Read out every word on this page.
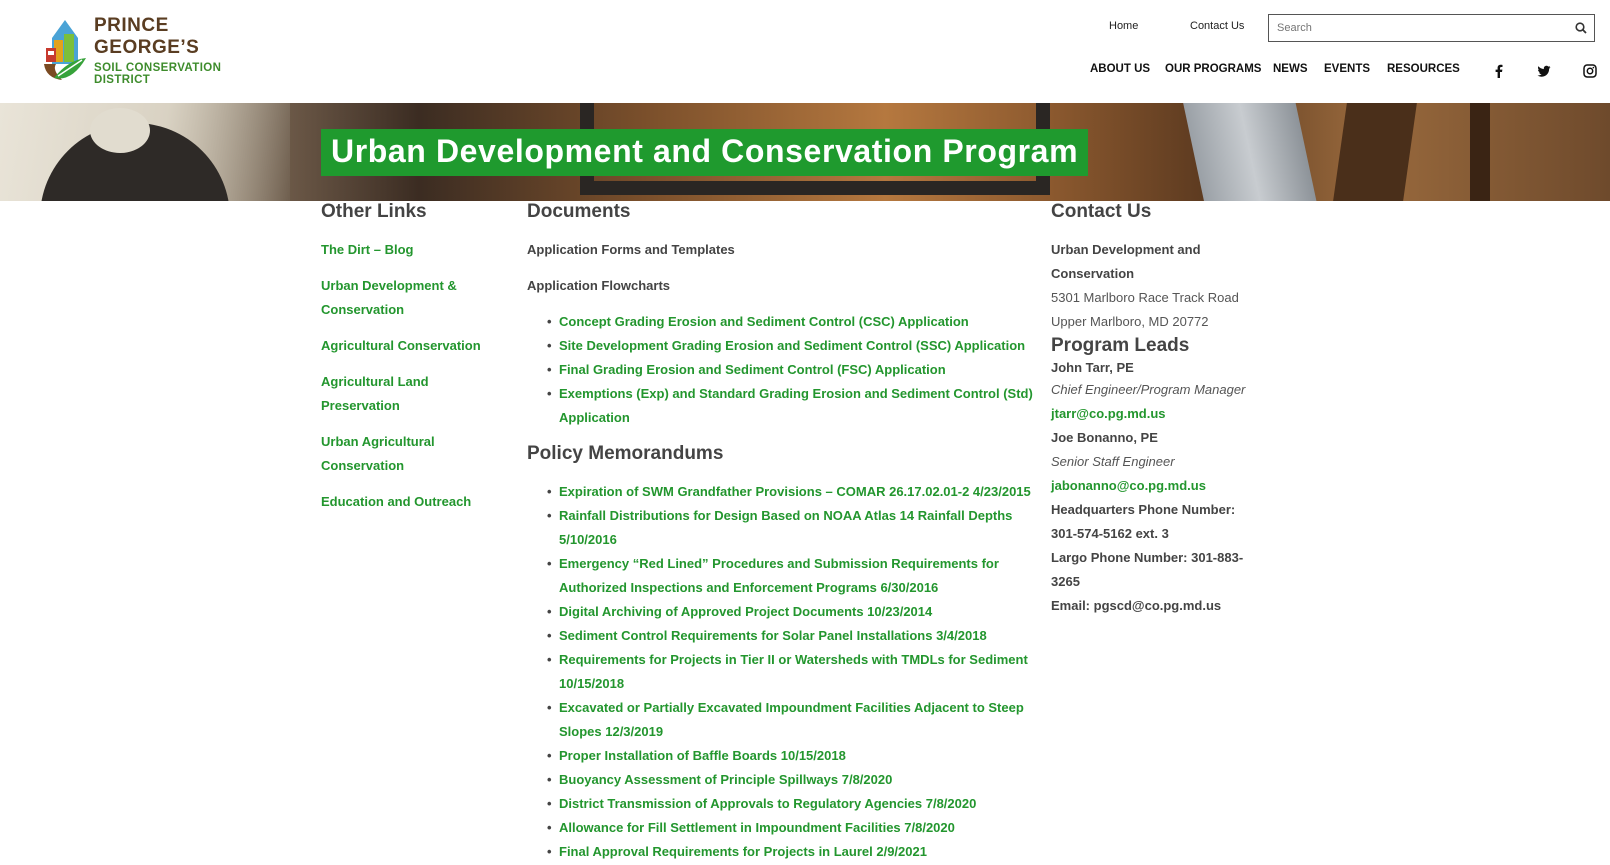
PRINCE GEORGE’S
SOIL CONSERVATION DISTRICT
Home	Contact Us
Search
ABOUT US OUR PROGRAMS NEWS EVENTS RESOURCES
Urban Development and Conservation Program
Other Links
The Dirt – Blog
Urban Development & Conservation
Agricultural Conservation
Agricultural Land Preservation
Urban Agricultural Conservation
Education and Outreach
Documents
Application Forms and Templates
Application Flowcharts
• Concept Grading Erosion and Sediment Control (CSC) Application
• Site Development Grading Erosion and Sediment Control (SSC) Application
• Final Grading Erosion and Sediment Control (FSC) Application
• Exemptions (Exp) and Standard Grading Erosion and Sediment Control (Std) Application
Policy Memorandums
• Expiration of SWM Grandfather Provisions – COMAR 26.17.02.01-2 4/23/2015
• Rainfall Distributions for Design Based on NOAA Atlas 14 Rainfall Depths 5/10/2016
• Emergency “Red Lined” Procedures and Submission Requirements for Authorized Inspections and Enforcement Programs 6/30/2016
• Digital Archiving of Approved Project Documents 10/23/2014
• Sediment Control Requirements for Solar Panel Installations 3/4/2018
• Requirements for Projects in Tier II or Watersheds with TMDLs for Sediment 10/15/2018
• Excavated or Partially Excavated Impoundment Facilities Adjacent to Steep Slopes 12/3/2019
• Proper Installation of Baffle Boards 10/15/2018
• Buoyancy Assessment of Principle Spillways 7/8/2020
• District Transmission of Approvals to Regulatory Agencies 7/8/2020
• Allowance for Fill Settlement in Impoundment Facilities 7/8/2020
• Final Approval Requirements for Projects in Laurel 2/9/2021
Contact Us
Urban Development and Conservation
5301 Marlboro Race Track Road
Upper Marlboro, MD 20772
Program Leads
John Tarr, PE
Chief Engineer/Program Manager
jtarr@co.pg.md.us
Joe Bonanno, PE
Senior Staff Engineer
jabonanno@co.pg.md.us
Headquarters Phone Number: 301-574-5162 ext. 3
Largo Phone Number: 301-883-3265
Email: pgscd@co.pg.md.us
